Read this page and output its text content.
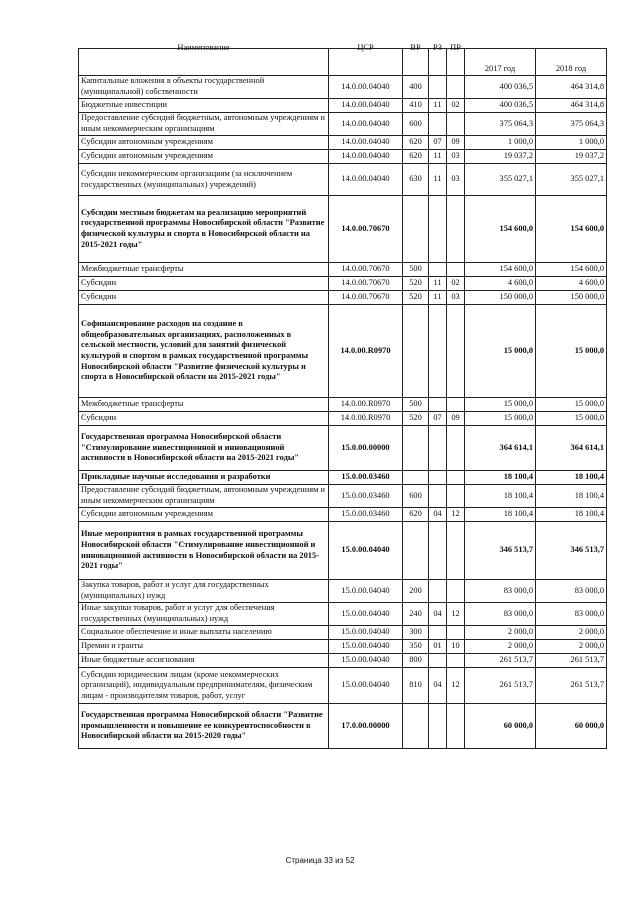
Наименование	ЦСР	ВР	РЗ	ПР	2017 год	2018 год
Капитальные вложения в объекты государственной (муниципальной) собственности	14.0.00.04040	400			400 036,5	464 314,8
Бюджетные инвестиции	14.0.00.04040	410	11	02	400 036,5	464 314,8
Предоставление субсидий бюджетным, автономным учреждениям и иным некоммерческим организациям	14.0.00.04040	600			375 064,3	375 064,3
Субсидии автономным учреждениям	14.0.00.04040	620	07	09	1 000,0	1 000,0
Субсидии автономным учреждениям	14.0.00.04040	620	11	03	19 037,2	19 037,2
Субсидии некоммерческим организациям (за исключением государственных (муниципальных) учреждений)	14.0.00.04040	630	11	03	355 027,1	355 027,1
Субсидии местным бюджетам на реализацию мероприятий государственной программы Новосибирской области "Развитие физической культуры и спорта в Новосибирской области на 2015-2021 годы"	14.0.00.70670				154 600,0	154 600,0
Межбюджетные трансферты	14.0.00.70670	500			154 600,0	154 600,0
Субсидии	14.0.00.70670	520	11	02	4 600,0	4 600,0
Субсидии	14.0.00.70670	520	11	03	150 000,0	150 000,0
Софинансирование расходов на создание в общеобразовательных организациях, расположенных в сельской местности, условий для занятий физической культурой и спортом в рамках государственной программы Новосибирской области "Развитие физической культуры и спорта в Новосибирской области на 2015-2021 годы"	14.0.00.R0970				15 000,0	15 000,0
Межбюджетные трансферты	14.0.00.R0970	500			15 000,0	15 000,0
Субсидии	14.0.00.R0970	520	07	09	15 000,0	15 000,0
Государственная программа Новосибирской области "Стимулирование инвестиционной и инновационной активности в Новосибирской области на 2015-2021 годы"	15.0.00.00000				364 614,1	364 614,1
Прикладные научные исследования и разработки	15.0.00.03460				18 100,4	18 100,4
Предоставление субсидий бюджетным, автономным учреждениям и иным некоммерческим организациям	15.0.00.03460	600			18 100,4	18 100,4
Субсидии автономным учреждениям	15.0.00.03460	620	04	12	18 100,4	18 100,4
Иные мероприятия в рамках государственной программы Новосибирской области "Стимулирование инвестиционной и инновационной активности в Новосибирской области на 2015-2021 годы"	15.0.00.04040				346 513,7	346 513,7
Закупка товаров, работ и услуг для государственных (муниципальных) нужд	15.0.00.04040	200			83 000,0	83 000,0
Иные закупки товаров, работ и услуг для обеспечения государственных (муниципальных) нужд	15.0.00.04040	240	04	12	83 000,0	83 000,0
Социальное обеспечение и иные выплаты населению	15.0.00.04040	300			2 000,0	2 000,0
Премии и гранты	15.0.00.04040	350	01	10	2 000,0	2 000,0
Иные бюджетные ассигнования	15.0.00.04040	800			261 513,7	261 513,7
Субсидии юридическим лицам (кроме некоммерческих организаций), индивидуальным предпринимателям, физическим лицам - производителям товаров, работ, услуг	15.0.00.04040	810	04	12	261 513,7	261 513,7
Государственная программа Новосибирской области "Развитие промышленности и повышение ее конкурентоспособности в Новосибирской области на 2015-2020 годы"	17.0.00.00000				60 000,0	60 000,0
Страница 33 из 52
